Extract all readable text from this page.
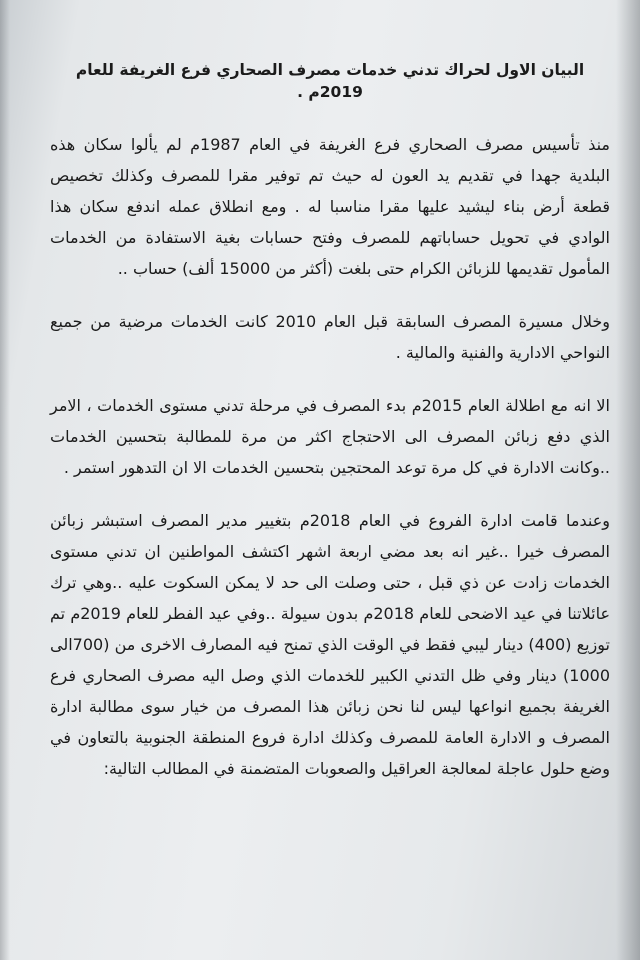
البيان الاول لحراك تدني خدمات مصرف الصحاري فرع الغريفة للعام 2019م .

منذ تأسيس مصرف الصحاري فرع الغريفة في العام 1987م لم يألوا سكان هذه البلدية جهدا في تقديم يد العون له حيث تم توفير مقرا للمصرف وكذلك تخصيص قطعة أرض بناء ليشيد عليها مقرا مناسبا له . ومع انطلاق عمله اندفع سكان هذا الوادي في تحويل حساباتهم للمصرف وفتح حسابات بغية الاستفادة من الخدمات المأمول تقديمها للزبائن الكرام حتى بلغت (أكثر من 15000 ألف) حساب ..

وخلال مسيرة المصرف السابقة قبل العام 2010 كانت الخدمات مرضية من جميع النواحي الادارية والفنية والمالية .

الا انه مع اطلالة العام 2015م بدء المصرف في مرحلة تدني مستوى الخدمات ، الامر الذي دفع زبائن المصرف الى الاحتجاج اكثر من مرة للمطالبة بتحسين الخدمات ..وكانت الادارة في كل مرة توعد المحتجين بتحسين الخدمات الا ان التدهور استمر .

وعندما قامت ادارة الفروع في العام 2018م بتغيير مدير المصرف استبشر زبائن المصرف خيرا ..غير انه بعد مضي اربعة اشهر اكتشف المواطنين ان تدني مستوى الخدمات زادت عن ذي قبل ، حتى وصلت الى حد لا يمكن السكوت عليه ..وهي ترك عائلاتنا في عيد الاضحى للعام 2018م بدون سيولة ..وفي عيد الفطر للعام 2019م تم توزيع (400) دينار ليبي فقط في الوقت الذي تمنح فيه المصارف الاخرى من (700الى 1000) دينار وفي ظل التدني الكبير للخدمات الذي وصل اليه مصرف الصحاري فرع الغريفة بجميع انواعها ليس لنا نحن زبائن هذا المصرف من خيار سوى مطالبة ادارة المصرف و الادارة العامة للمصرف وكذلك ادارة فروع المنطقة الجنوبية بالتعاون في وضع حلول عاجلة لمعالجة العراقيل والصعوبات المتضمنة في المطالب التالية:
